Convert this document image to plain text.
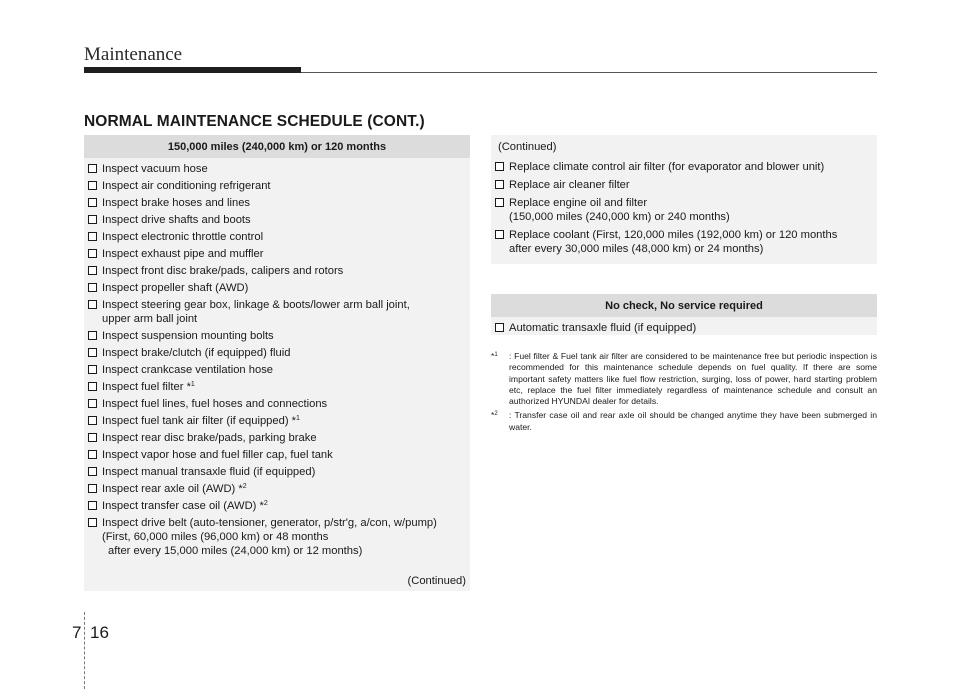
Maintenance
NORMAL MAINTENANCE SCHEDULE (CONT.)
150,000 miles (240,000 km) or 120 months
Inspect vacuum hose
Inspect air conditioning refrigerant
Inspect brake hoses and lines
Inspect drive shafts and boots
Inspect electronic throttle control
Inspect exhaust pipe and muffler
Inspect front disc brake/pads, calipers and rotors
Inspect propeller shaft (AWD)
Inspect steering gear box, linkage & boots/lower arm ball joint,
upper arm ball joint
Inspect suspension mounting bolts
Inspect brake/clutch (if equipped) fluid
Inspect crankcase ventilation hose
Inspect fuel filter *$^1$
Inspect fuel lines, fuel hoses and connections
Inspect fuel tank air filter (if equipped) *$^1$
Inspect rear disc brake/pads, parking brake
Inspect vapor hose and fuel filler cap, fuel tank
Inspect manual transaxle fluid (if equipped)
Inspect rear axle oil (AWD) *$^2$
Inspect transfer case oil (AWD) *$^2$
Inspect drive belt (auto-tensioner, generator, p/str'g, a/con, w/pump)
(First, 60,000 miles (96,000 km) or 48 months
after every 15,000 miles (24,000 km) or 12 months)
(Continued)
(Continued)
Replace climate control air filter (for evaporator and blower unit)
Replace air cleaner filter
Replace engine oil and filter
(150,000 miles (240,000 km) or 240 months)
Replace coolant (First, 120,000 miles (192,000 km) or 120 months
after every 30,000 miles (48,000 km) or 24 months)
No check, No service required
Automatic transaxle fluid (if equipped)
*$^1$ : Fuel filter & Fuel tank air filter are considered to be maintenance free but periodic inspection is recommended for this maintenance schedule depends on fuel quality. If there are some important safety matters like fuel flow restriction, surging, loss of power, hard starting problem etc, replace the fuel filter immediately regardless of maintenance schedule and consult an authorized HYUNDAI dealer for details.
*$^2$ : Transfer case oil and rear axle oil should be changed anytime they have been submerged in water.
7 16
